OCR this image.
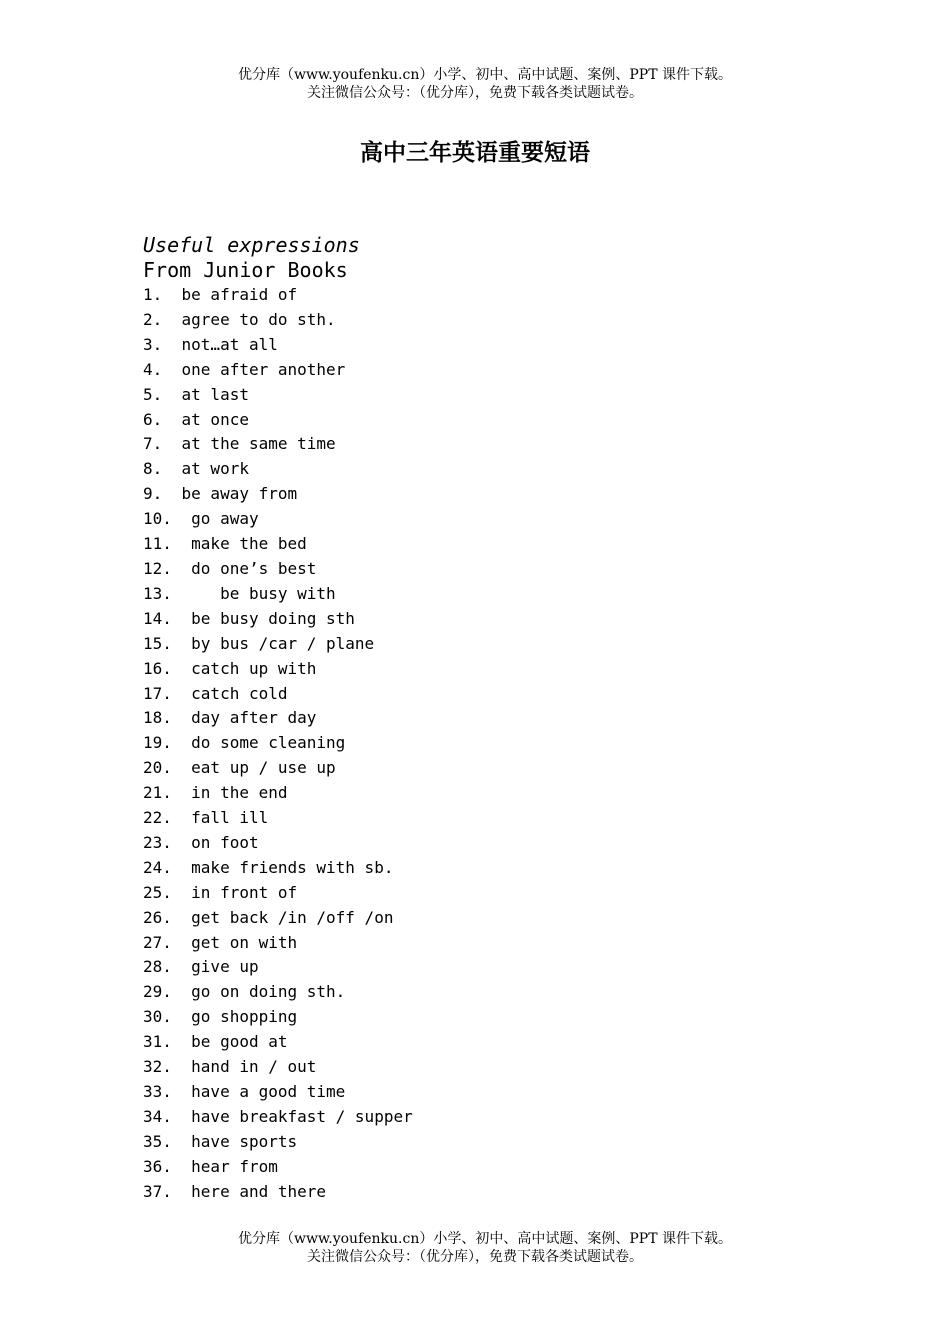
优分库（www.youfenku.cn）小学、初中、高中试题、案例、PPT 课件下载。
关注微信公众号：（优分库），免费下载各类试题试卷。
高中三年英语重要短语
Useful expressions
From Junior Books
1.  be afraid of
2.  agree to do sth.
3.  not…at all
4.  one after another
5.  at last
6.  at once
7.  at the same time
8.  at work
9.  be away from
10.  go away
11.  make the bed
12.  do one’s best
13.     be busy with
14.  be busy doing sth
15.  by bus /car / plane
16.  catch up with
17.  catch cold
18.  day after day
19.  do some cleaning
20.  eat up / use up
21.  in the end
22.  fall ill
23.  on foot
24.  make friends with sb.
25.  in front of
26.  get back /in /off /on
27.  get on with
28.  give up
29.  go on doing sth.
30.  go shopping
31.  be good at
32.  hand in / out
33.  have a good time
34.  have breakfast / supper
35.  have sports
36.  hear from
37.  here and there
优分库（www.youfenku.cn）小学、初中、高中试题、案例、PPT 课件下载。
关注微信公众号：（优分库），免费下载各类试题试卷。
